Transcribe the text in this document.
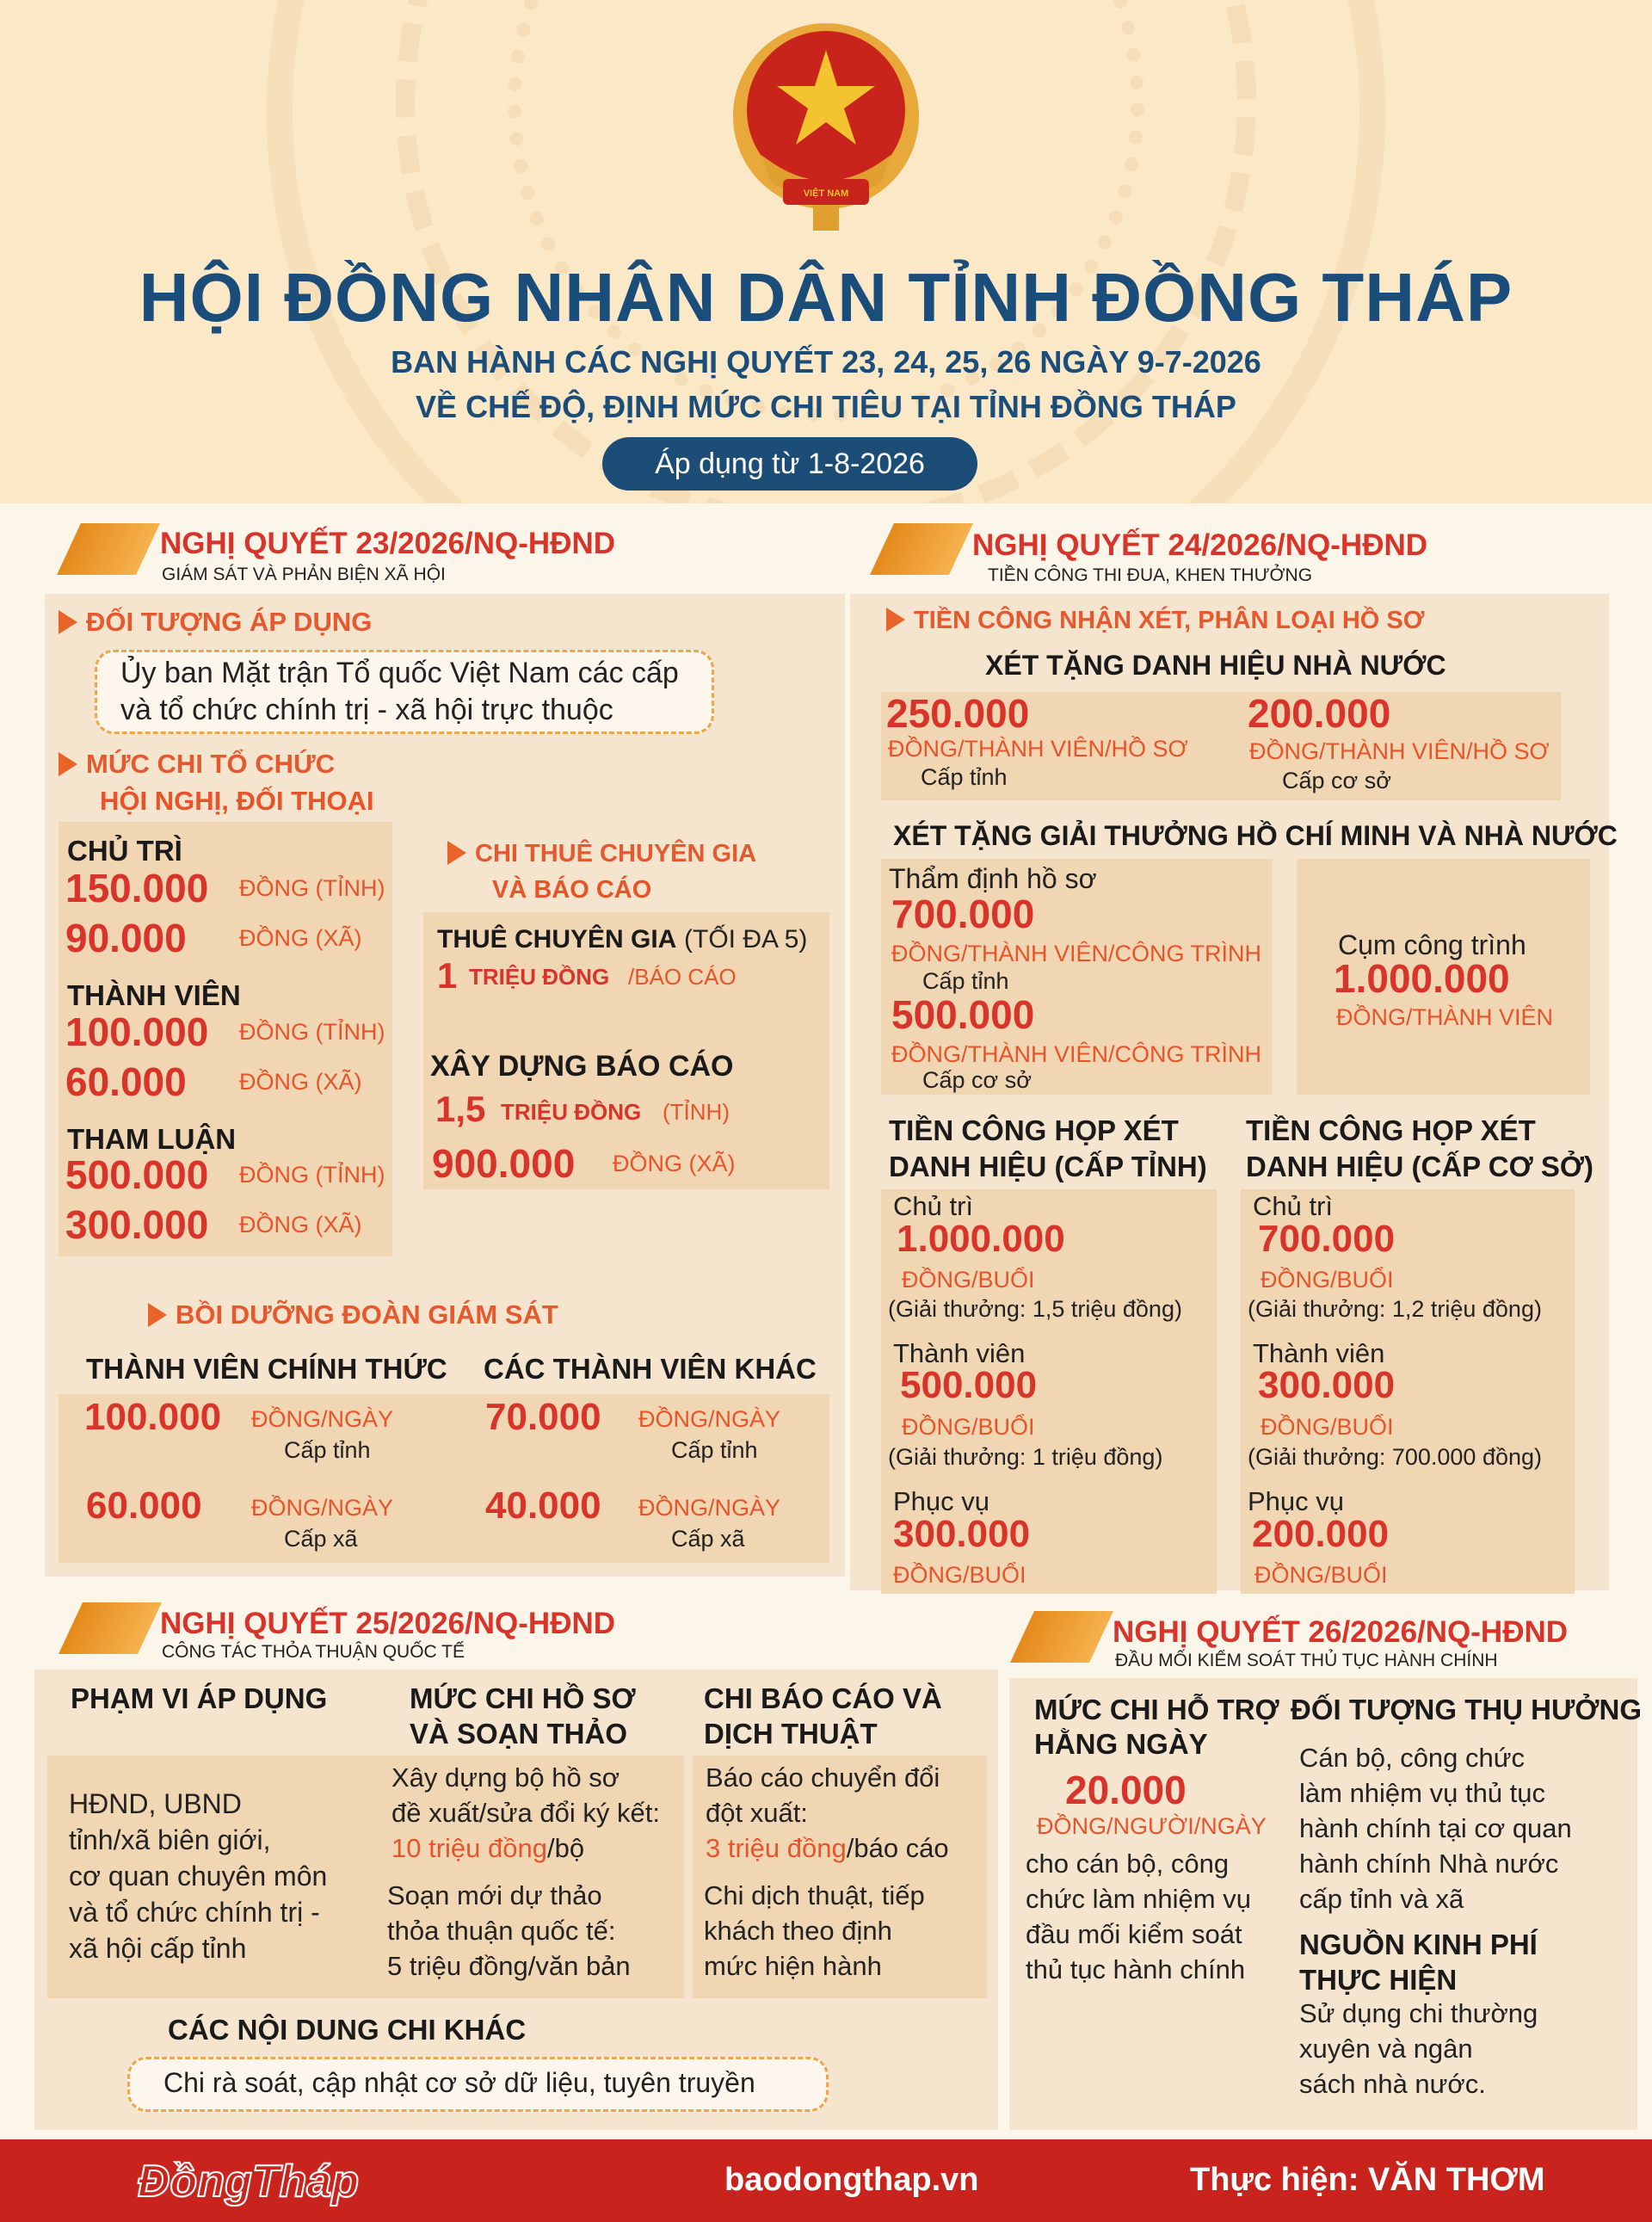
VIỆT NAM
HỘI ĐỒNG NHÂN DÂN TỈNH ĐỒNG THÁP
BAN HÀNH CÁC NGHỊ QUYẾT 23, 24, 25, 26 NGÀY 9-7-2026
VỀ CHẾ ĐỘ, ĐỊNH MỨC CHI TIÊU TẠI TỈNH ĐỒNG THÁP
Áp dụng từ 1-8-2026
NGHỊ QUYẾT 23/2026/NQ-HĐND
GIÁM SÁT VÀ PHẢN BIỆN XÃ HỘI
ĐỐI TƯỢNG ÁP DỤNG
Ủy ban Mặt trận Tổ quốc Việt Nam các cấp
và tổ chức chính trị - xã hội trực thuộc
MỨC CHI TỔ CHỨC
HỘI NGHỊ, ĐỐI THOẠI
CHỦ TRÌ
150.000 ĐỒNG (TỈNH)
90.000 ĐỒNG (XÃ)
THÀNH VIÊN
100.000 ĐỒNG (TỈNH)
60.000 ĐỒNG (XÃ)
THAM LUẬN
500.000 ĐỒNG (TỈNH)
300.000 ĐỒNG (XÃ)
CHI THUÊ CHUYÊN GIA
VÀ BÁO CÁO
THUÊ CHUYÊN GIA (TỐI ĐA 5)
1 TRIỆU ĐỒNG /BÁO CÁO
XÂY DỰNG BÁO CÁO
1,5 TRIỆU ĐỒNG (TỈNH)
900.000 ĐỒNG (XÃ)
BỒI DƯỠNG ĐOÀN GIÁM SÁT
THÀNH VIÊN CHÍNH THỨC CÁC THÀNH VIÊN KHÁC
100.000 ĐỒNG/NGÀY
Cấp tỉnh
60.000 ĐỒNG/NGÀY
Cấp xã
70.000 ĐỒNG/NGÀY
Cấp tỉnh
40.000 ĐỒNG/NGÀY
Cấp xã
NGHỊ QUYẾT 24/2026/NQ-HĐND
TIỀN CÔNG THI ĐUA, KHEN THƯỞNG
TIỀN CÔNG NHẬN XÉT, PHÂN LOẠI HỒ SƠ
XÉT TẶNG DANH HIỆU NHÀ NƯỚC
250.000
ĐỒNG/THÀNH VIÊN/HỒ SƠ
Cấp tỉnh
200.000
ĐỒNG/THÀNH VIÊN/HỒ SƠ
Cấp cơ sở
XÉT TẶNG GIẢI THƯỞNG HỒ CHÍ MINH VÀ NHÀ NƯỚC
Thẩm định hồ sơ
700.000
ĐỒNG/THÀNH VIÊN/CÔNG TRÌNH
Cấp tỉnh
500.000
ĐỒNG/THÀNH VIÊN/CÔNG TRÌNH
Cấp cơ sở
Cụm công trình
1.000.000
ĐỒNG/THÀNH VIÊN
TIỀN CÔNG HỌP XÉT
DANH HIỆU (CẤP TỈNH)
Chủ trì
1.000.000
ĐỒNG/BUỔI
(Giải thưởng: 1,5 triệu đồng)
Thành viên
500.000
ĐỒNG/BUỔI
(Giải thưởng: 1 triệu đồng)
Phục vụ
300.000
ĐỒNG/BUỔI
TIỀN CÔNG HỌP XÉT
DANH HIỆU (CẤP CƠ SỞ)
Chủ trì
700.000
ĐỒNG/BUỔI
(Giải thưởng: 1,2 triệu đồng)
Thành viên
300.000
ĐỒNG/BUỔI
(Giải thưởng: 700.000 đồng)
Phục vụ
200.000
ĐỒNG/BUỔI
NGHỊ QUYẾT 25/2026/NQ-HĐND
CÔNG TÁC THỎA THUẬN QUỐC TẾ
PHẠM VI ÁP DỤNG
HĐND, UBND
tỉnh/xã biên giới,
cơ quan chuyên môn
và tổ chức chính trị -
xã hội cấp tỉnh
MỨC CHI HỒ SƠ
VÀ SOẠN THẢO
Xây dựng bộ hồ sơ
đề xuất/sửa đổi ký kết:
10 triệu đồng/bộ
Soạn mới dự thảo
thỏa thuận quốc tế:
5 triệu đồng/văn bản
CHI BÁO CÁO VÀ
DỊCH THUẬT
Báo cáo chuyển đổi
đột xuất:
3 triệu đồng/báo cáo
Chi dịch thuật, tiếp
khách theo định
mức hiện hành
CÁC NỘI DUNG CHI KHÁC
Chi rà soát, cập nhật cơ sở dữ liệu, tuyên truyền
NGHỊ QUYẾT 26/2026/NQ-HĐND
ĐẦU MỐI KIỂM SOÁT THỦ TỤC HÀNH CHÍNH
MỨC CHI HỖ TRỢ
HẰNG NGÀY
20.000
ĐỒNG/NGƯỜI/NGÀY
cho cán bộ, công
chức làm nhiệm vụ
đầu mối kiểm soát
thủ tục hành chính
ĐỐI TƯỢNG THỤ HƯỞNG
Cán bộ, công chức
làm nhiệm vụ thủ tục
hành chính tại cơ quan
hành chính Nhà nước
cấp tỉnh và xã
NGUỒN KINH PHÍ
THỰC HIỆN
Sử dụng chi thường
xuyên và ngân
sách nhà nước.
ĐồngTháp	baodongthap.vn	Thực hiện: VĂN THƠM
